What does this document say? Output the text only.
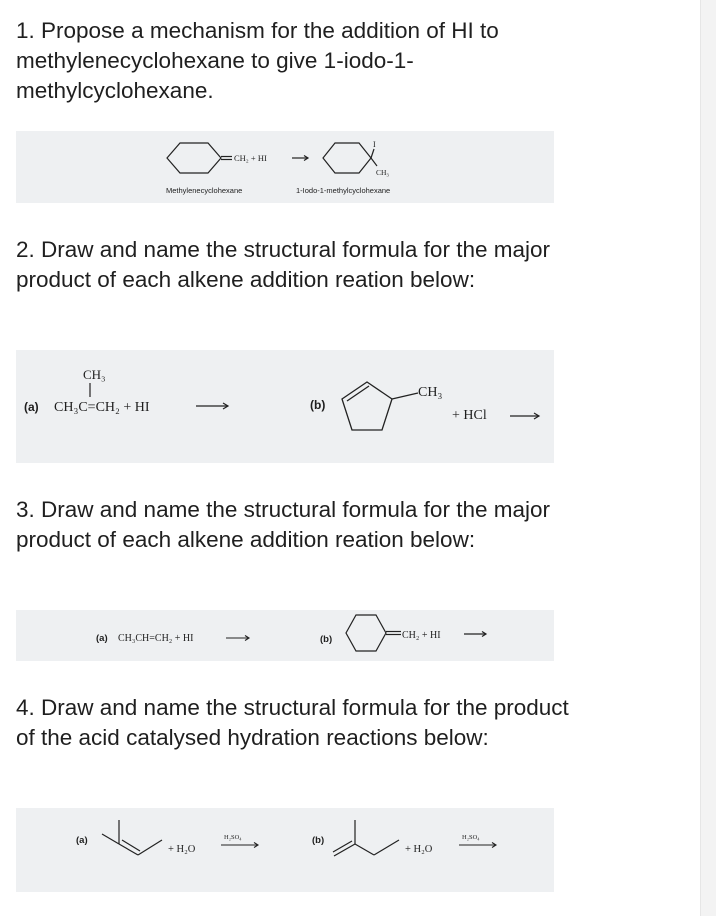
1. Propose a mechanism for the addition of HI to methylenecyclohexane to give 1-iodo-1-methylcyclohexane.

CH₂ + HI
I
CH₃
Methylenecyclohexane	1-Iodo-1-methylcyclohexane

2. Draw and name the structural formula for the major product of each alkene addition reation below:

(a)
CH₃
CH₃C=CH₂ + HI	(b)
CH₃
+ HCl

3. Draw and name the structural formula for the major product of each alkene addition reation below:

(a) CH₃CH=CH₂ + HI	(b)	CH₂ + HI

4. Draw and name the structural formula for the product of the acid catalysed hydration reactions below:

(a)
+ H₂O
H₂SO₄	(b)
+ H₂O
H₂SO₄
